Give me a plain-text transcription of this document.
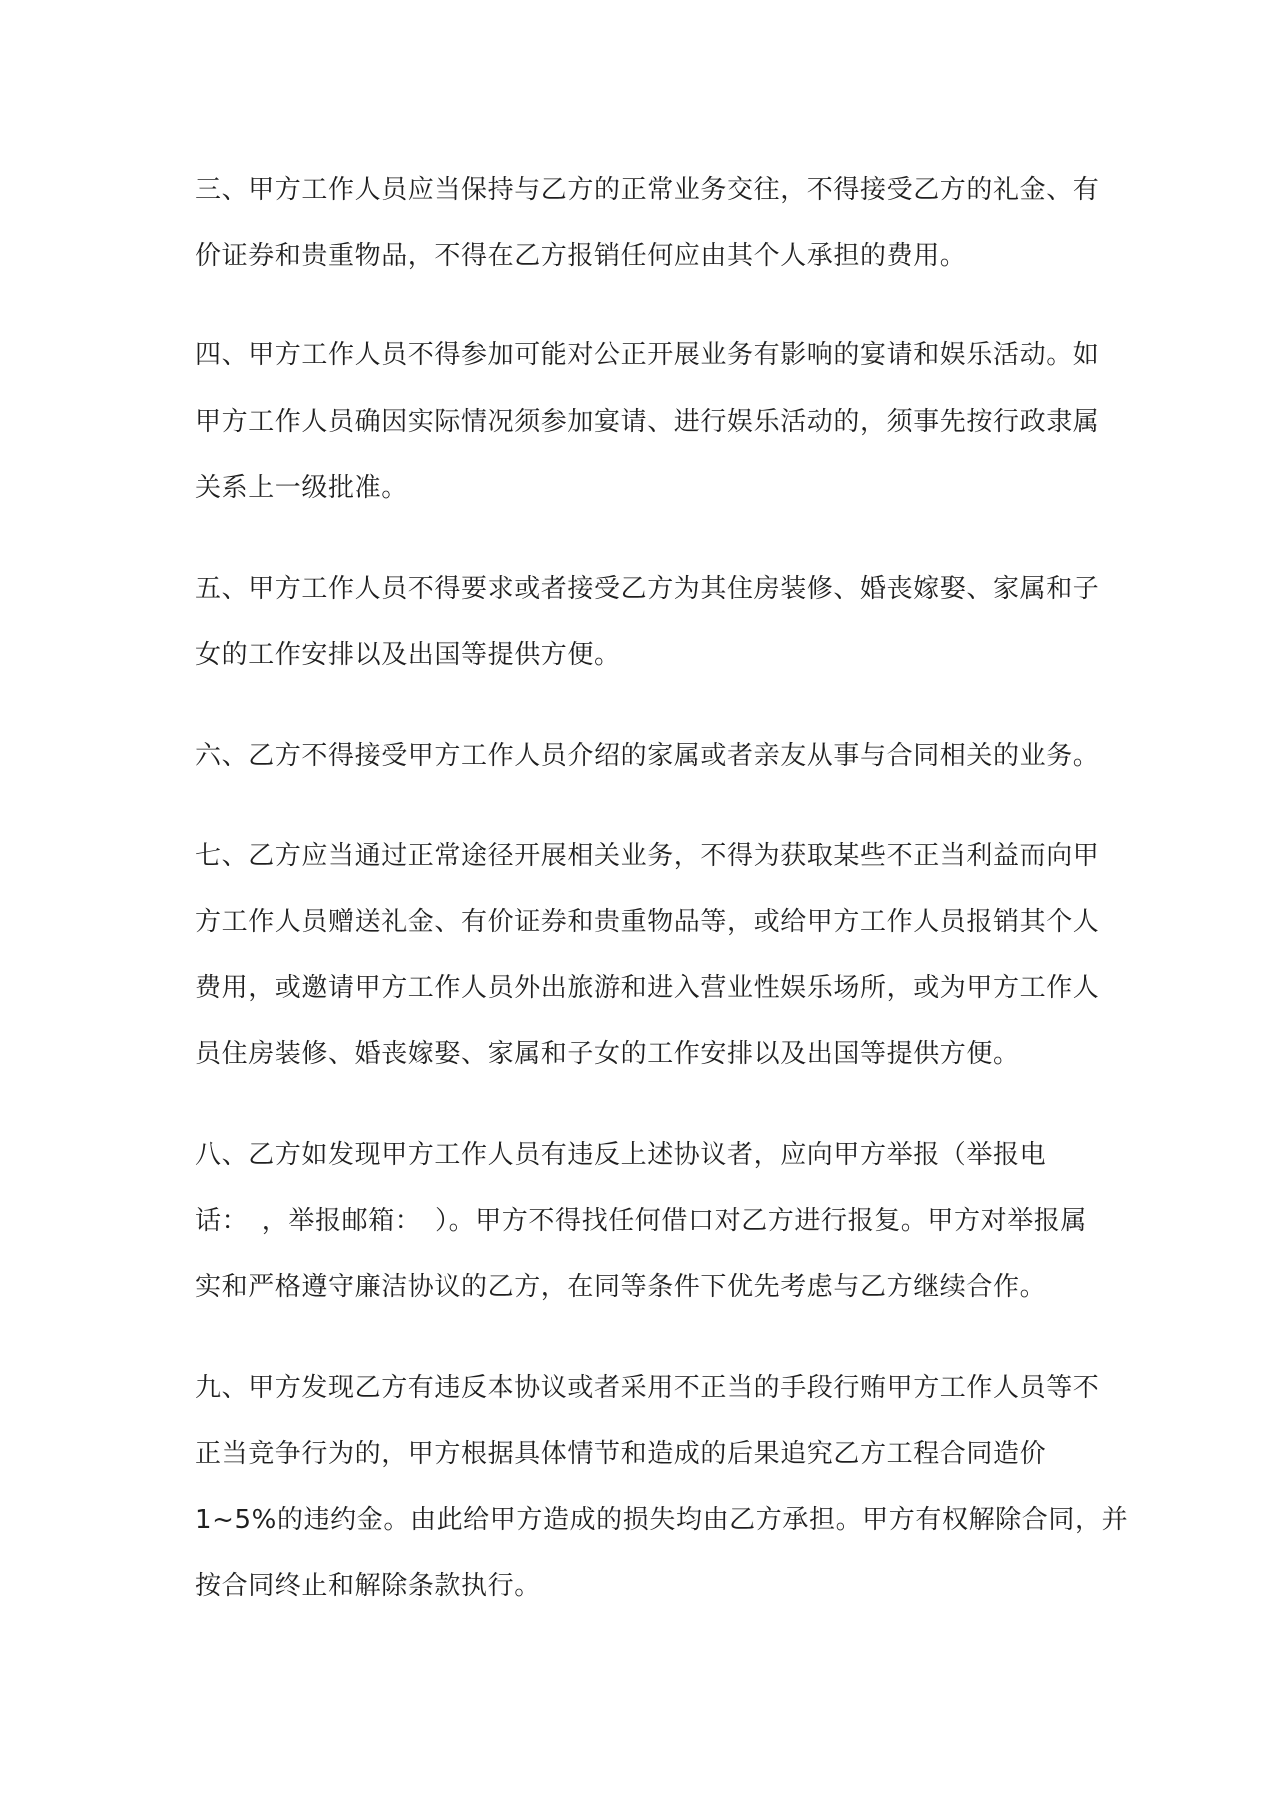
三、甲方工作人员应当保持与乙方的正常业务交往，不得接受乙方的礼金、有

价证券和贵重物品，不得在乙方报销任何应由其个人承担的费用。

四、甲方工作人员不得参加可能对公正开展业务有影响的宴请和娱乐活动。如

甲方工作人员确因实际情况须参加宴请、进行娱乐活动的，须事先按行政隶属

关系上一级批准。

五、甲方工作人员不得要求或者接受乙方为其住房装修、婚丧嫁娶、家属和子

女的工作安排以及出国等提供方便。

六、乙方不得接受甲方工作人员介绍的家属或者亲友从事与合同相关的业务。

七、乙方应当通过正常途径开展相关业务，不得为获取某些不正当利益而向甲

方工作人员赠送礼金、有价证券和贵重物品等，或给甲方工作人员报销其个人

费用，或邀请甲方工作人员外出旅游和进入营业性娱乐场所，或为甲方工作人

员住房装修、婚丧嫁娶、家属和子女的工作安排以及出国等提供方便。

八、乙方如发现甲方工作人员有违反上述协议者，应向甲方举报（举报电

话：　，举报邮箱：　）。甲方不得找任何借口对乙方进行报复。甲方对举报属

实和严格遵守廉洁协议的乙方，在同等条件下优先考虑与乙方继续合作。

九、甲方发现乙方有违反本协议或者采用不正当的手段行贿甲方工作人员等不

正当竞争行为的，甲方根据具体情节和造成的后果追究乙方工程合同造价

1~5%的违约金。由此给甲方造成的损失均由乙方承担。甲方有权解除合同，并

按合同终止和解除条款执行。
